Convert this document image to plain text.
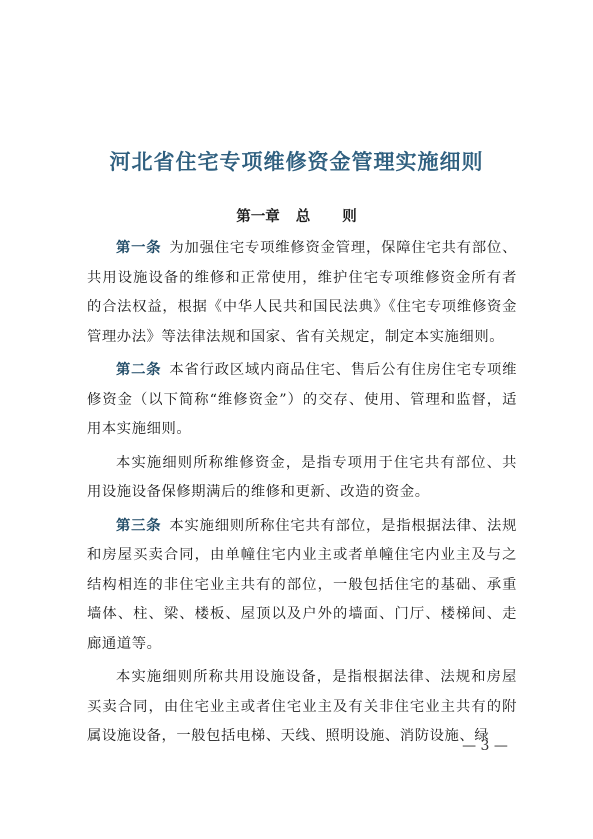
河北省住宅专项维修资金管理实施细则
第一章 总 则

第一条 为加强住宅专项维修资金管理，保障住宅共有部位、共用设施设备的维修和正常使用，维护住宅专项维修资金所有者的合法权益，根据《中华人民共和国民法典》《住宅专项维修资金管理办法》等法律法规和国家、省有关规定，制定本实施细则。

第二条 本省行政区域内商品住宅、售后公有住房住宅专项维修资金（以下简称“维修资金”）的交存、使用、管理和监督，适用本实施细则。

本实施细则所称维修资金，是指专项用于住宅共有部位、共用设施设备保修期满后的维修和更新、改造的资金。

第三条 本实施细则所称住宅共有部位，是指根据法律、法规和房屋买卖合同，由单幢住宅内业主或者单幢住宅内业主及与之结构相连的非住宅业主共有的部位，一般包括住宅的基础、承重墙体、柱、梁、楼板、屋顶以及户外的墙面、门厅、楼梯间、走廊通道等。

本实施细则所称共用设施设备，是指根据法律、法规和房屋买卖合同，由住宅业主或者住宅业主及有关非住宅业主共有的附属设施设备，一般包括电梯、天线、照明设施、消防设施、绿

— 3 —
